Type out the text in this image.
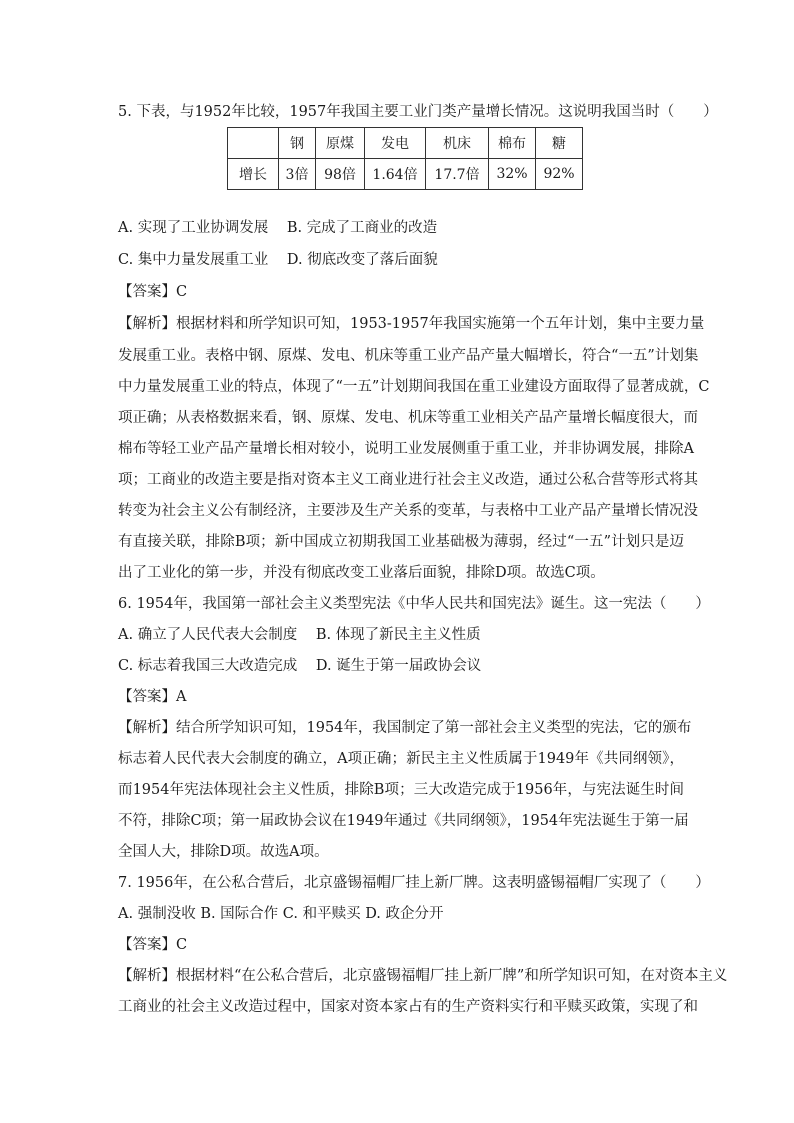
5. 下表，与1952年比较，1957年我国主要工业门类产量增长情况。这说明我国当时（　　）
	钢	原煤	发电	机床	棉布	糖
增长	3倍	98倍	1.64倍	17.7倍	32%	92%
A. 实现了工业协调发展 B. 完成了工商业的改造
C. 集中力量发展重工业 D. 彻底改变了落后面貌
【答案】C
【解析】根据材料和所学知识可知，1953-1957年我国实施第一个五年计划，集中主要力量
发展重工业。表格中钢、原煤、发电、机床等重工业产品产量大幅增长，符合“一五”计划集
中力量发展重工业的特点，体现了“一五”计划期间我国在重工业建设方面取得了显著成就，C
项正确；从表格数据来看，钢、原煤、发电、机床等重工业相关产品产量增长幅度很大，而
棉布等轻工业产品产量增长相对较小，说明工业发展侧重于重工业，并非协调发展，排除A
项；工商业的改造主要是指对资本主义工商业进行社会主义改造，通过公私合营等形式将其
转变为社会主义公有制经济，主要涉及生产关系的变革，与表格中工业产品产量增长情况没
有直接关联，排除B项；新中国成立初期我国工业基础极为薄弱，经过“一五”计划只是迈
出了工业化的第一步，并没有彻底改变工业落后面貌，排除D项。故选C项。
6. 1954年，我国第一部社会主义类型宪法《中华人民共和国宪法》诞生。这一宪法（　　）
A. 确立了人民代表大会制度 B. 体现了新民主主义性质
C. 标志着我国三大改造完成 D. 诞生于第一届政协会议
【答案】A
【解析】结合所学知识可知，1954年，我国制定了第一部社会主义类型的宪法，它的颁布
标志着人民代表大会制度的确立，A项正确；新民主主义性质属于1949年《共同纲领》，
而1954年宪法体现社会主义性质，排除B项；三大改造完成于1956年，与宪法诞生时间
不符，排除C项；第一届政协会议在1949年通过《共同纲领》，1954年宪法诞生于第一届
全国人大，排除D项。故选A项。
7. 1956年，在公私合营后，北京盛锡福帽厂挂上新厂牌。这表明盛锡福帽厂实现了（　　）
A. 强制没收 B. 国际合作 C. 和平赎买 D. 政企分开
【答案】C
【解析】根据材料“在公私合营后，北京盛锡福帽厂挂上新厂牌”和所学知识可知，在对资本主义
工商业的社会主义改造过程中，国家对资本家占有的生产资料实行和平赎买政策，实现了和
